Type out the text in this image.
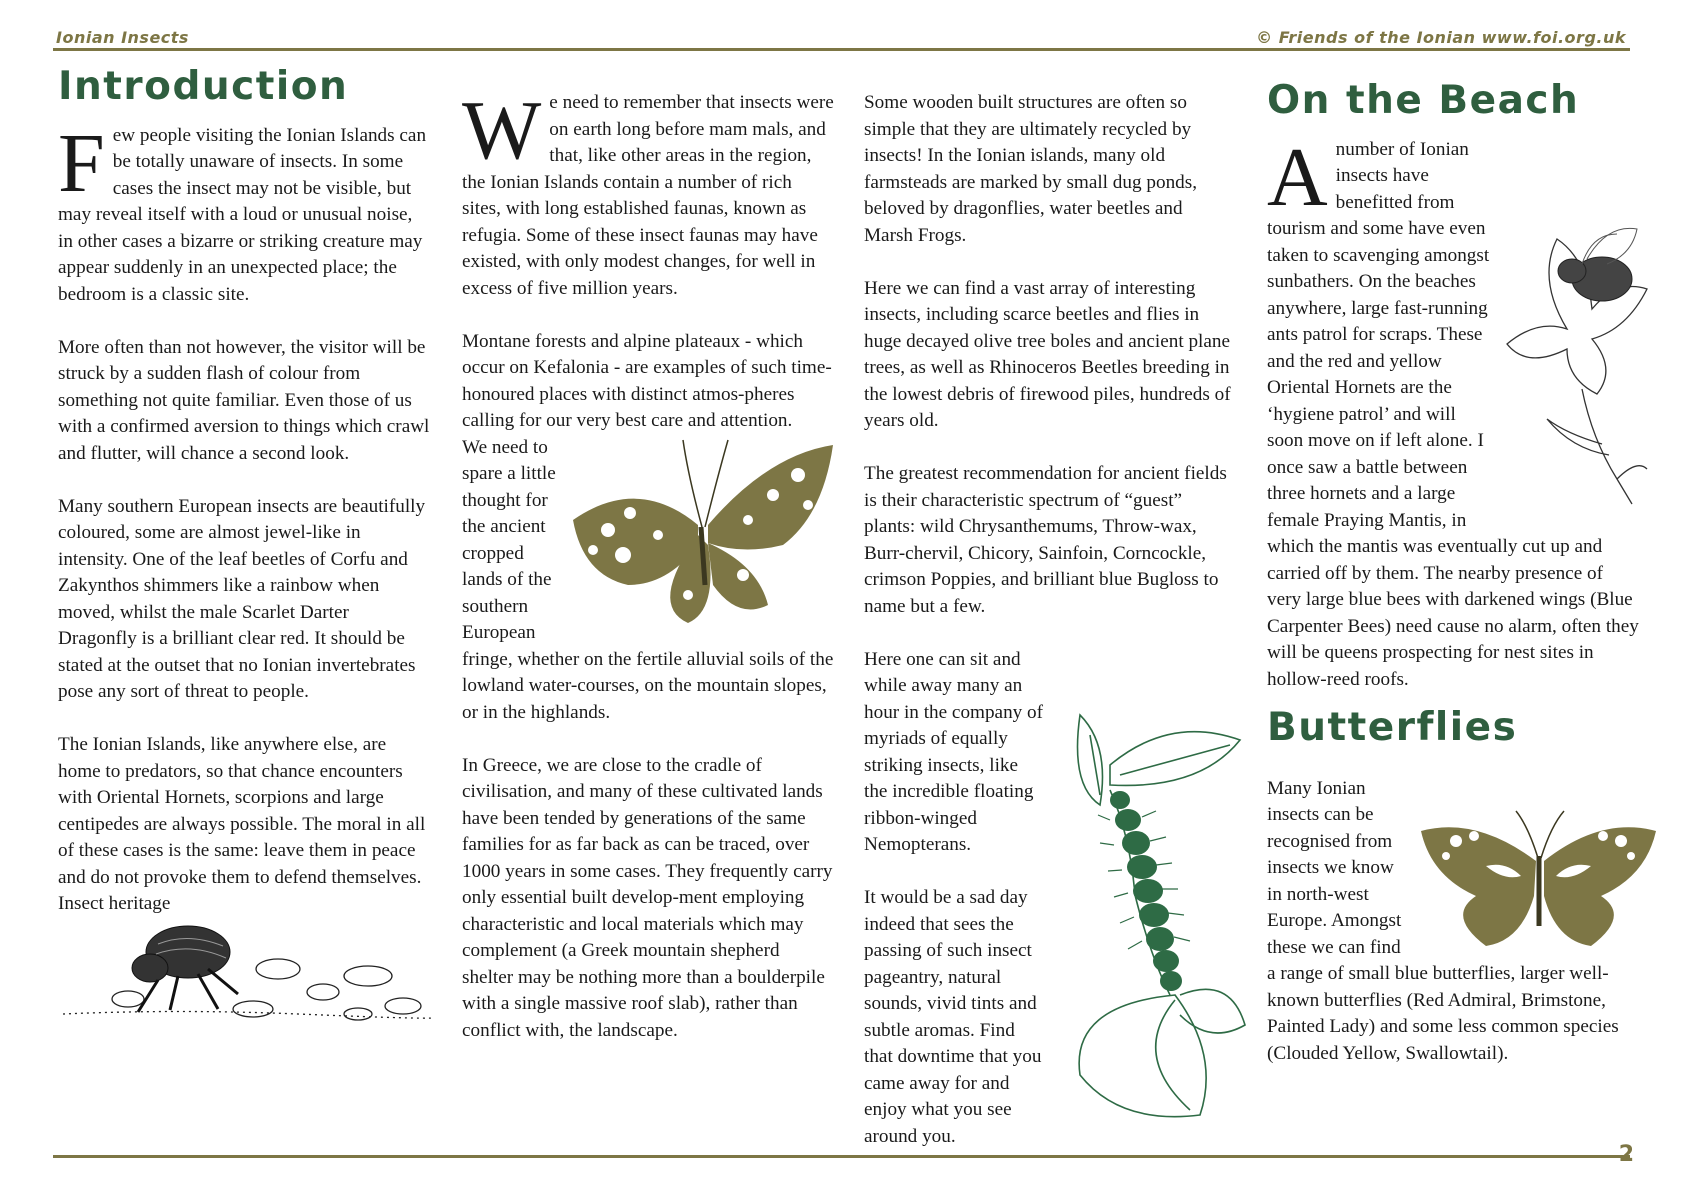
Ionian Insects	© Friends of the Ionian www.foi.org.uk
Introduction

Few people visiting the Ionian Islands can be totally unaware of insects. In some cases the insect may not be visible, but may reveal itself with a loud or unusual noise, in other cases a bizarre or striking creature may appear suddenly in an unexpected place; the bedroom is a classic site.

More often than not however, the visitor will be struck by a sudden flash of colour from something not quite familiar. Even those of us with a confirmed aversion to things which crawl and flutter, will chance a second look.

Many southern European insects are beautifully coloured, some are almost jewel-like in intensity. One of the leaf beetles of Corfu and Zakynthos shimmers like a rainbow when moved, whilst the male Scarlet Darter Dragonfly is a brilliant clear red. It should be stated at the outset that no Ionian invertebrates pose any sort of threat to people.

The Ionian Islands, like anywhere else, are home to predators, so that chance encounters with Oriental Hornets, scorpions and large centipedes are always possible. The moral in all of these cases is the same: leave them in peace and do not provoke them to defend themselves.

Insect heritage

We need to remember that insects were on earth long before mam mals, and that, like other areas in the region, the Ionian Islands contain a number of rich sites, with long established faunas, known as refugia. Some of these insect faunas may have existed, with only modest changes, for well in excess of five million years.

Montane forests and alpine plateaux - which occur on Kefalonia - are examples of such time-honoured places with distinct atmos-pheres calling for our very best care and attention.

We need to spare a little thought for the ancient cropped lands of the southern European fringe, whether on the fertile alluvial soils of the lowland water-courses, on the mountain slopes, or in the highlands.

In Greece, we are close to the cradle of civilisation, and many of these cultivated lands have been tended by generations of the same families for as far back as can be traced, over 1000 years in some cases. They frequently carry only essential built develop-ment employing characteristic and local materials which may complement (a Greek mountain shepherd shelter may be nothing more than a boulderpile with a single massive roof slab), rather than conflict with, the landscape.

Some wooden built structures are often so simple that they are ultimately recycled by insects! In the Ionian islands, many old farmsteads are marked by small dug ponds, beloved by dragonflies, water beetles and Marsh Frogs.

Here we can find a vast array of interesting insects, including scarce beetles and flies in huge decayed olive tree boles and ancient plane trees, as well as Rhinoceros Beetles breeding in the lowest debris of firewood piles, hundreds of years old.

The greatest recommendation for ancient fields is their characteristic spectrum of “guest” plants: wild Chrysanthemums, Throw-wax, Burr-chervil, Chicory, Sainfoin, Corncockle, crimson Poppies, and brilliant blue Bugloss to name but a few.

Here one can sit and while away many an hour in the company of myriads of equally striking insects, like the incredible floating ribbon-winged Nemopterans.

It would be a sad day indeed that sees the passing of such insect pageantry, natural sounds, vivid tints and subtle aromas. Find that downtime that you came away for and enjoy what you see around you.

On the Beach

A number of Ionian insects have benefitted from tourism and some have even taken to scavenging amongst sunbathers. On the beaches anywhere, large fast-running ants patrol for scraps. These and the red and yellow Oriental Hornets are the ‘hygiene patrol’ and will soon move on if left alone. I once saw a battle between three hornets and a large female Praying Mantis, in which the mantis was eventually cut up and carried off by them. The nearby presence of very large blue bees with darkened wings (Blue Carpenter Bees) need cause no alarm, often they will be queens prospecting for nest sites in hollow-reed roofs.

Butterflies

Many Ionian insects can be recognised from insects we know in north-west Europe. Amongst these we can find a range of small blue butterflies, larger well-known butterflies (Red Admiral, Brimstone, Painted Lady) and some less common species (Clouded Yellow, Swallowtail).

2
